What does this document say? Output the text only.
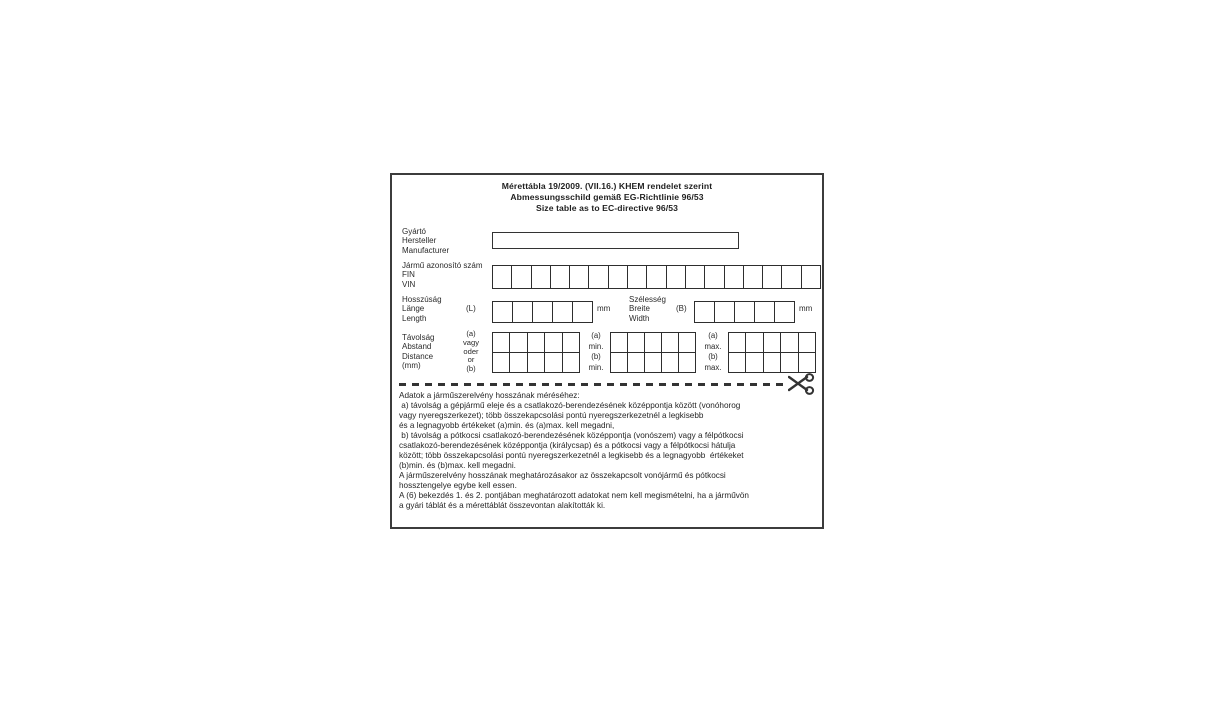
Mérettábla 19/2009. (VII.16.) KHEM rendelet szerint
Abmessungsschild gemäß EG-Richtlinie 96/53
Size table as to EC-directive 96/53
Gyártó
Hersteller
Manufacturer
Jármű azonosító szám
FIN
VIN
Hosszúság
Länge
Length
(L)	mm
Szélesség
Breite
Width
(B)	mm
Távolság
Abstand
Distance
(mm)
(a)
vagy
oder
or
(b)
(a)
min.
(b)
min.
(a)
max.
(b)
max.
Adatok a járműszerelvény hosszának méréséhez:
a) távolság a gépjármű eleje és a csatlakozó-berendezésének középpontja között (vonóhorog
vagy nyeregszerkezet); több összekapcsolási pontú nyeregszerkezetnél a legkisebb
és a legnagyobb értékeket (a)min. és (a)max. kell megadni,
b) távolság a pótkocsi csatlakozó-berendezésének középpontja (vonószem) vagy a félpótkocsi
csatlakozó-berendezésének középpontja (királycsap) és a pótkocsi vagy a félpótkocsi hátulja
között; több összekapcsolási pontú nyeregszerkezetnél a legkisebb és a legnagyobb  értékeket
(b)min. és (b)max. kell megadni.
A járműszerelvény hosszának meghatározásakor az összekapcsolt vonójármű és pótkocsi
hossztengelye egybe kell essen.
A (6) bekezdés 1. és 2. pontjában meghatározott adatokat nem kell megismételni, ha a járművön
a gyári táblát és a mérettáblát összevontan alakították ki.
